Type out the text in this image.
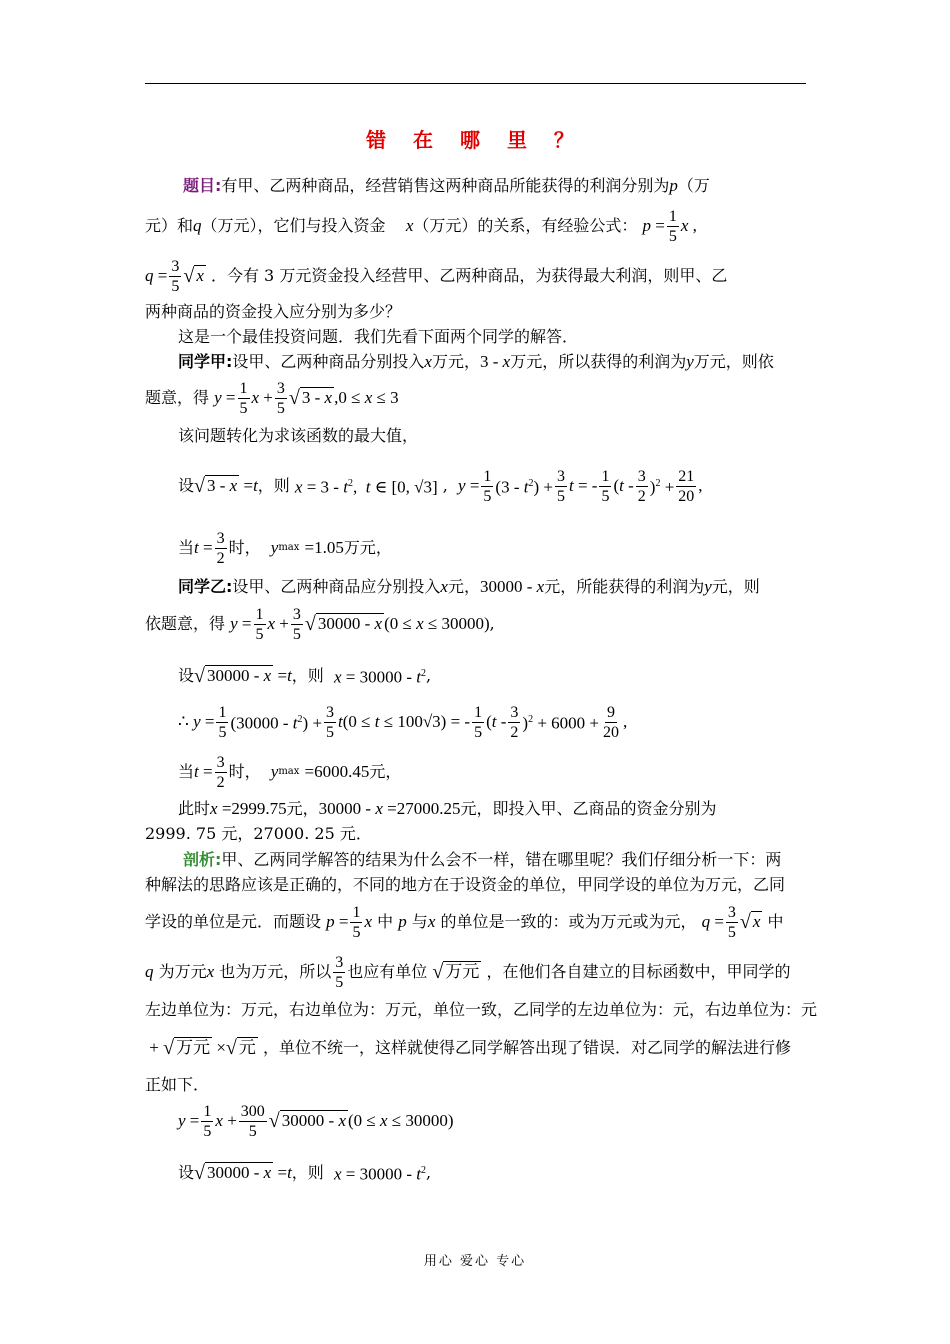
错 在 哪 里 ？
题目:有甲、乙两种商品，经营销售这两种商品所能获得的利润分别为p（万
元）和 q （万元），它们与投入资金
x （万元）的关系，有经验公式：
$p = \frac{1}{5}$ x ,
$q = \frac{3}{5}$ √ x
．今有 3 万元资金投入经营甲、乙两种商品，为获得最大利润，则甲、乙
两种商品的资金投入应分别为多少？
这是一个最佳投资问题．我们先看下面两个同学的解答．
同学甲:设甲、乙两种商品分别投入x万元，3 - x万元，所以获得的利润为y万元，则依
题意，得
$y = \frac{1}{5}$ $x + \frac{3}{5}$ √ 3 - x ,0 ≤ x ≤ 3
该问题转化为求该函数的最大值，
设 √ 3 - x =t ，则
$x = 3 - t^2$,  t ∈ [0, √3] , $y = \frac{1}{5} (3 - t^2) + \frac{3}{5}$ t = - $\frac{1}{5} (t - \frac{3}{2} )^2 + \frac{21}{20}$ ,
当 $t = \frac{3}{2}$ 时，
y max
=1.05 万元，
同学乙:设甲、乙两种商品应分别投入x元，30000 - x元，所能获得的利润为y元，则
依题意，得
$y = \frac{1}{5}$ $x + \frac{3}{5}$ √ 30000 - x (0 ≤ x ≤ 30000) ,
设 √ 30000 - x =t ，则
$x = 30000 - t^2$ ,
∴ $y = \frac{1}{5} (30000 - t^2) + \frac{3}{5} t(0 \le t \le 100√3)$ = - $\frac{1}{5} (t - \frac{3}{2} )^2 + 6000 + \frac{9}{20}$ ,
当 $t = \frac{3}{2}$ 时，
y max
=6000.45 元，
此时x =2999.75元，30000 - x =27000.25元，即投入甲、乙商品的资金分别为
2999. 75 元，27000. 25 元．
剖析:甲、乙两同学解答的结果为什么会不一样，错在哪里呢？我们仔细分析一下：两
种解法的思路应该是正确的，不同的地方在于设资金的单位，甲同学设的单位为万元，乙同
学设的单位是元．而题设
$p = \frac{1}{5}$ x
中
p
与 x
的单位是一致的：或为万元或为元，
$q = \frac{3}{5}$ √ x
中
q
为万元 x
也为万元，所以 $\frac{3}{5}$ 也应有单位
√ 万元
，在他们各自建立的目标函数中，甲同学的
左边单位为：万元，右边单位为：万元，单位一致，乙同学的左边单位为：元，右边单位为：元
+ √ 万元 × √ 元
，单位不统一，这样就使得乙同学解答出现了错误．对乙同学的解法进行修
正如下．
$y = \frac{1}{5}$ $x + \frac{300}{5}$ √ 30000 - x (0 ≤ x ≤ 30000)
设 √ 30000 - x =t ，则
$x = 30000 - t^2$ ,
用心 爱心 专心
